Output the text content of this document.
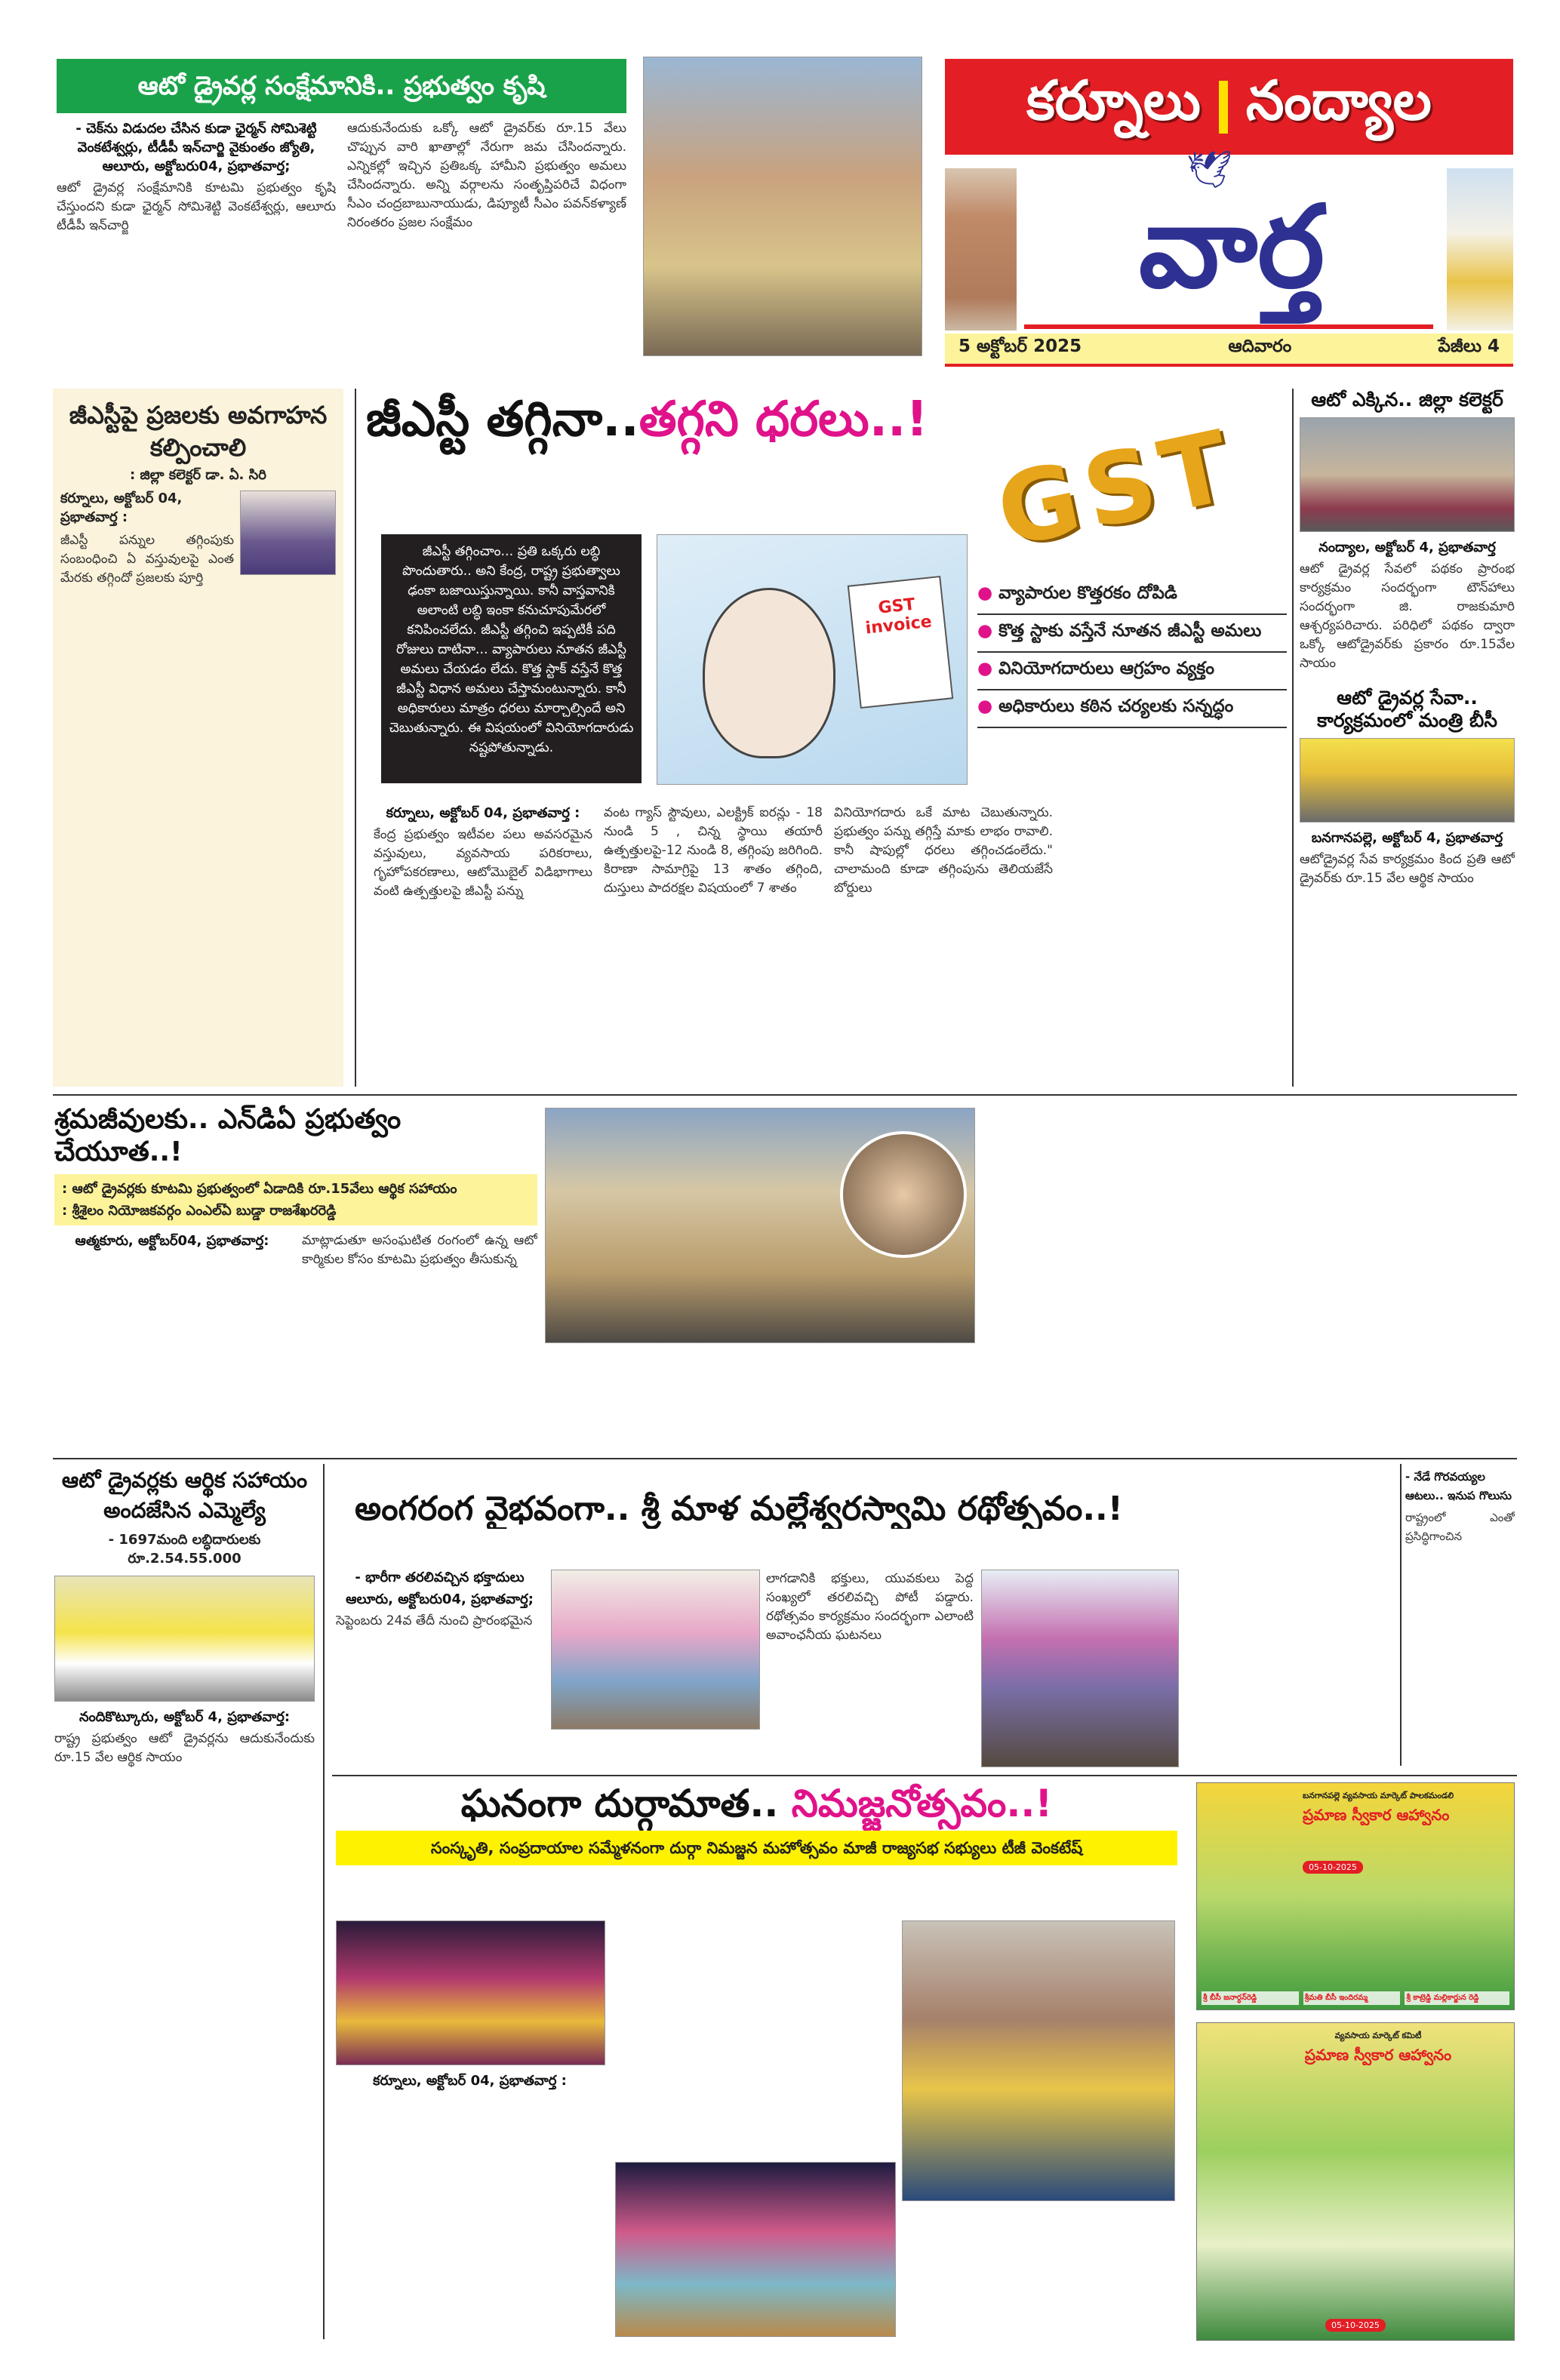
ఆటో డ్రైవర్ల సంక్షేమానికి.. ప్రభుత్వం కృషి
- చెక్‌ను విడుదల చేసిన కుడా ఛైర్మన్ సోమిశెట్టి వెంకటేశ్వర్లు, టీడీపీ ఇన్‌చార్జి వైకుంతం జ్యోతి, ఆలూరు, అక్టోబరు04, ప్రభాతవార్త;
ఆటో డ్రైవర్ల సంక్షేమానికి కూటమి ప్రభుత్వం కృషి చేస్తుందని కుడా ఛైర్మన్ సోమిశెట్టి వెంకటేశ్వర్లు, ఆలూరు టీడీపీ ఇన్‌చార్జి
ఆదుకునేందుకు ఒక్కో ఆటో డ్రైవర్‌కు రూ.15 వేలు చొప్పున వారి ఖాతాల్లో నేరుగా జమ చేసిందన్నారు. ఎన్నికల్లో ఇచ్చిన ప్రతిఒక్క హామీని ప్రభుత్వం అమలు చేసిందన్నారు. అన్ని వర్గాలను సంతృప్తిపరిచే విధంగా సీఎం చంద్రబాబునాయుడు, డిప్యూటీ సీఎం పవన్‌కళ్యాణ్ నిరంతరం ప్రజల సంక్షేమం
కర్నూలు నంద్యాల
🕊
వార్త
5 అక్టోబర్ 2025	ఆదివారం	పేజీలు 4
జీఎస్టీపై ప్రజలకు అవగాహన కల్పించాలి
: జిల్లా కలెక్టర్ డా. ఏ. సిరి
కర్నూలు, అక్టోబర్ 04, ప్రభాతవార్త :
జీఎస్టీ పన్నుల తగ్గింపుకు సంబంధించి ఏ వస్తువులపై ఎంత మేరకు తగ్గిందో ప్రజలకు పూర్తి
జీఎస్టీ తగ్గినా..తగ్గని ధరలు..!
జీఎస్టీ తగ్గించాం... ప్రతి ఒక్కరు లబ్ధి పొందుతారు.. అని కేంద్ర, రాష్ట్ర ప్రభుత్వాలు ఢంకా బజాయిస్తున్నాయి. కానీ వాస్తవానికి అలాంటి లబ్ధి ఇంకా కనుచూపుమేరలో కనిపించలేదు. జీఎస్టీ తగ్గించి ఇప్పటికీ పది రోజులు దాటినా... వ్యాపారులు నూతన జీఎస్టీ అమలు చేయడం లేదు. కొత్త స్టాక్ వస్తేనే కొత్త జీఎస్టీ విధాన అమలు చేస్తామంటున్నారు. కానీ అధికారులు మాత్రం ధరలు మార్చాల్సిందే అని చెబుతున్నారు. ఈ విషయంలో వినియోగదారుడు నష్టపోతున్నాడు.
GST invoice
GST
● వ్యాపారుల కొత్తరకం దోపిడి
● కొత్త స్టాకు వస్తేనే నూతన జీఎస్టీ అమలు
● వినియోగదారులు ఆగ్రహం వ్యక్తం
● అధికారులు కఠిన చర్యలకు సన్నద్ధం
కర్నూలు, అక్టోబర్ 04, ప్రభాతవార్త :
కేంద్ర ప్రభుత్వం ఇటీవల పలు అవసరమైన వస్తువులు, వ్యవసాయ పరికరాలు, గృహోపకరణాలు, ఆటోమొబైల్ విడిభాగాలు వంటి ఉత్పత్తులపై జీఎస్టీ పన్ను
వంట గ్యాస్ స్టౌవులు, ఎలక్ట్రిక్ ఐరన్లు - 18 నుండి 5 , చిన్న స్థాయి తయారీ ఉత్పత్తులపై-12 నుండి 8, తగ్గింపు జరిగింది. కిరాణా సామాగ్రిపై 13 శాతం తగ్గింది, దుస్తులు పాదరక్షల విషయంలో 7 శాతం
వినియోగదారు ఒకే మాట చెబుతున్నారు. ప్రభుత్వం పన్ను తగ్గిస్తే మాకు లాభం రావాలి. కానీ షాపుల్లో ధరలు తగ్గించడంలేదు." చాలామంది కూడా తగ్గింపును తెలియజేసే బోర్డులు
ఆటో ఎక్కిన.. జిల్లా కలెక్టర్
నంద్యాల, అక్టోబర్ 4, ప్రభాతవార్త
ఆటో డ్రైవర్ల సేవలో పథకం ప్రారంభ కార్యక్రమం సందర్భంగా టౌన్‌హాలు సందర్భంగా జి. రాజకుమారి ఆశ్చర్యపరిచారు. పరిధిలో పథకం ద్వారా ఒక్కో ఆటోడ్రైవర్‌కు ప్రకారం రూ.15వేల సాయం
ఆటో డ్రైవర్ల సేవా.. కార్యక్రమంలో మంత్రి బీసీ
బనగానపల్లె, అక్టోబర్ 4, ప్రభాతవార్త
ఆటోడ్రైవర్ల సేవ కార్యక్రమం కింద ప్రతి ఆటో డ్రైవర్‌కు రూ.15 వేల ఆర్థిక సాయం
శ్రమజీవులకు.. ఎన్‌డిఏ ప్రభుత్వం చేయూత..!
: ఆటో డ్రైవర్లకు కూటమి ప్రభుత్వంలో ఏడాదికి రూ.15వేలు ఆర్థిక సహాయం
: శ్రీశైలం నియోజకవర్గం ఎంఎల్ఏ బుడ్డా రాజశేఖరరెడ్డి
ఆత్మకూరు, అక్టోబర్04, ప్రభాతవార్త:	మాట్లాడుతూ అసంఘటిత రంగంలో ఉన్న ఆటో కార్మికుల కోసం కూటమి ప్రభుత్వం తీసుకున్న
ఆటో డ్రైవర్లకు ఆర్థిక సహాయం అందజేసిన ఎమ్మెల్యే
- 1697మంది లబ్ధిదారులకు రూ.2.54.55.000
నందికొట్కూరు, అక్టోబర్ 4, ప్రభాతవార్త:
రాష్ట్ర ప్రభుత్వం ఆటో డ్రైవర్లను ఆదుకునేందుకు రూ.15 వేల ఆర్థిక సాయం
అంగరంగ వైభవంగా.. శ్రీ మాళ మల్లేశ్వరస్వామి రథోత్సవం..!
- భారీగా తరలివచ్చిన భక్తాదులు
ఆలూరు, అక్టోబరు04, ప్రభాతవార్త;
సెప్టెంబరు 24వ తేదీ నుంచి ప్రారంభమైన
లాగడానికి భక్తులు, యువకులు పెద్ద సంఖ్యలో తరలివచ్చి పోటీ పడ్డారు. రథోత్సవం కార్యక్రమం సందర్భంగా ఎలాంటి అవాంఛనీయ ఘటనలు
- నేడే గొరవయ్యల ఆటలు.. ఇనుప గొలుసు
రాష్ట్రంలో ఎంతో ప్రసిద్ధిగాంచిన
ఘనంగా దుర్గామాత.. నిమజ్జనోత్సవం..!
సంస్కృతి, సంప్రదాయాల సమ్మేళనంగా దుర్గా నిమజ్జన మహోత్సవం మాజీ రాజ్యసభ సభ్యులు టీజీ వెంకటేష్
కర్నూలు, అక్టోబర్ 04, ప్రభాతవార్త :
బనగానపల్లె వ్యవసాయ మార్కెట్ పాలకమండలి
ప్రమాణ స్వీకార ఆహ్వానం
05-10-2025
శ్రీ బీసీ జనార్ధన్‌రెడ్డి	శ్రీమతి బీసీ ఇందిరమ్మ	శ్రీ కాట్రెడ్డి మల్లికార్జున రెడ్డి
వ్యవసాయ మార్కెట్ కమిటీ
ప్రమాణ స్వీకార ఆహ్వానం
05-10-2025
